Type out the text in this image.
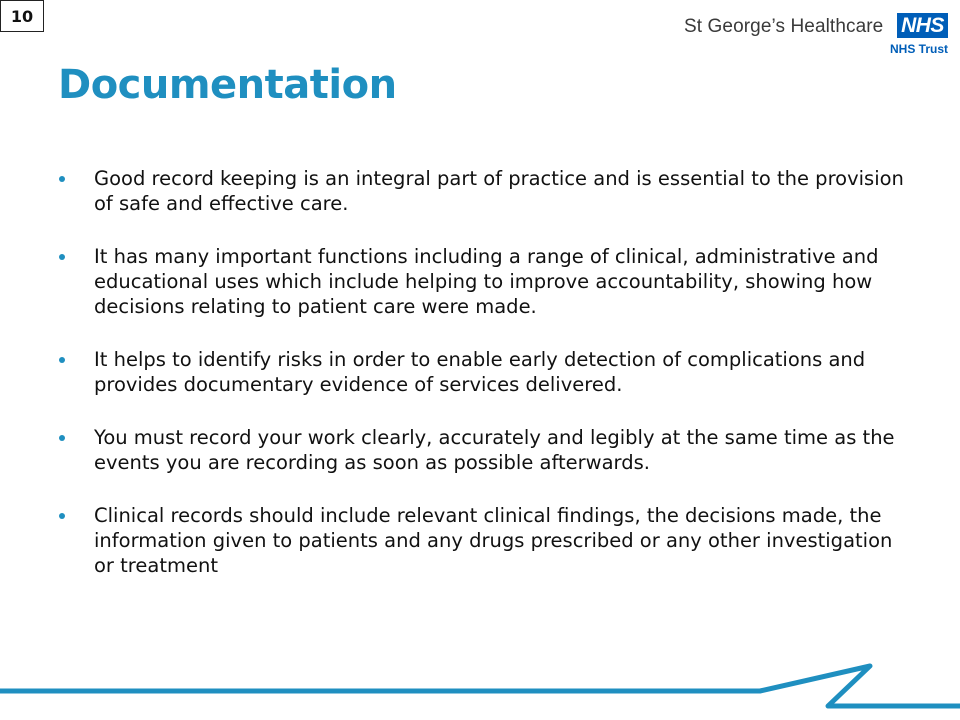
10	St George’s Healthcare NHS
NHS Trust
Documentation
Good record keeping is an integral part of practice and is essential to the provision of safe and effective care.
It has many important functions including a range of clinical, administrative and educational uses which include helping to improve accountability, showing how decisions relating to patient care were made.
It helps to identify risks in order to enable early detection of complications and provides documentary evidence of services delivered.
You must record your work clearly, accurately and legibly at the same time as the events you are recording as soon as possible afterwards.
Clinical records should include relevant clinical findings, the decisions made, the information given to patients and any drugs prescribed or any other investigation or treatment
